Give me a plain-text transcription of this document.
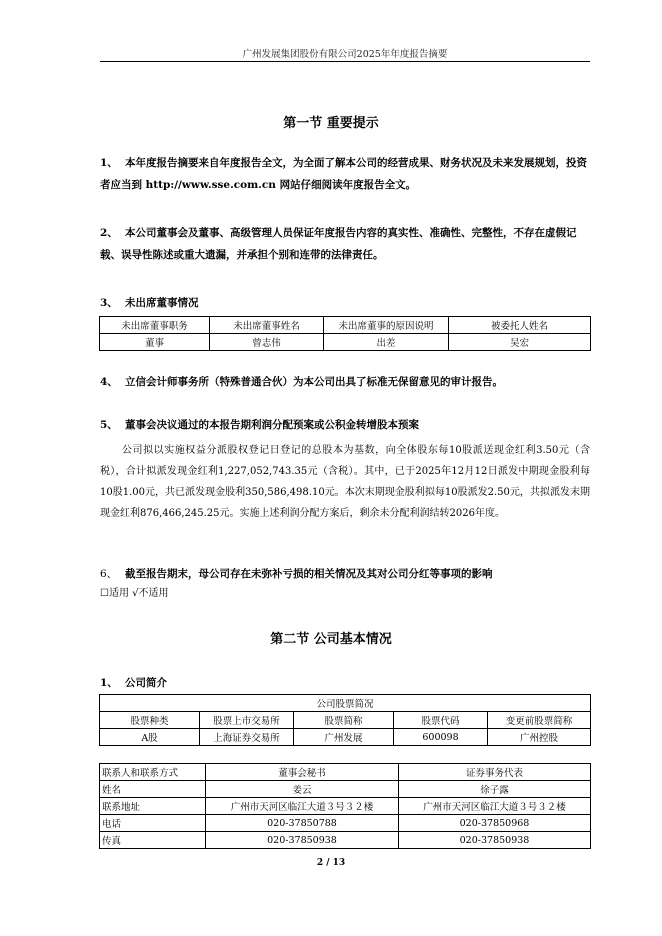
广州发展集团股份有限公司2025年年度报告摘要
第一节 重要提示
1、 本年度报告摘要来自年度报告全文，为全面了解本公司的经营成果、财务状况及未来发展规划，投资者应当到 http://www.sse.com.cn 网站仔细阅读年度报告全文。
2、 本公司董事会及董事、高级管理人员保证年度报告内容的真实性、准确性、完整性，不存在虚假记载、误导性陈述或重大遗漏，并承担个别和连带的法律责任。
3、 未出席董事情况
未出席董事职务	未出席董事姓名	未出席董事的原因说明	被委托人姓名
董事	曾志伟	出差	吴宏
4、 立信会计师事务所（特殊普通合伙）为本公司出具了标准无保留意见的审计报告。
5、 董事会决议通过的本报告期利润分配预案或公积金转增股本预案
公司拟以实施权益分派股权登记日登记的总股本为基数，向全体股东每10股派送现金红利3.50元（含税），合计拟派发现金红利1,227,052,743.35元（含税）。其中，已于2025年12月12日派发中期现金股利每10股1.00元，共已派发现金股利350,586,498.10元。本次末期现金股利拟每10股派发2.50元，共拟派发末期现金红利876,466,245.25元。实施上述利润分配方案后，剩余未分配利润结转2026年度。
6、 截至报告期末，母公司存在未弥补亏损的相关情况及其对公司分红等事项的影响
☐适用 √不适用
第二节 公司基本情况
1、 公司简介
公司股票简况				
股票种类	股票上市交易所	股票简称	股票代码	变更前股票简称
A股	上海证券交易所	广州发展	600098	广州控股
联系人和联系方式	董事会秘书	证券事务代表
姓名	姜云	徐子露
联系地址	广州市天河区临江大道３号３２楼	广州市天河区临江大道３号３２楼
电话	020-37850788	020-37850968
传真	020-37850938	020-37850938
2 / 13
